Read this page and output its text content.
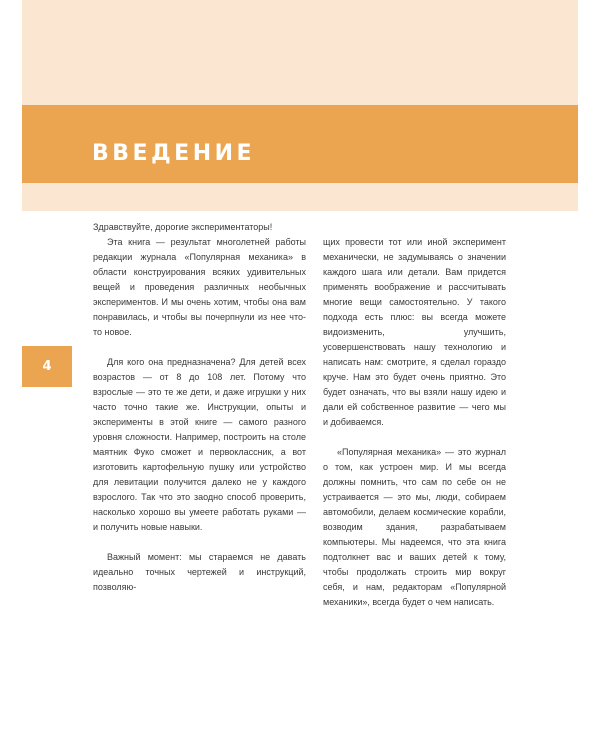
ВВЕДЕНИЕ
4

Здравствуйте, дорогие экспериментаторы!

Эта книга — результат многолетней работы редакции журнала «Популярная механика» в области конструирования всяких удивительных вещей и проведения различных необычных экспериментов. И мы очень хотим, чтобы она вам понравилась, и чтобы вы почерпнули из нее что-то новое.

Для кого она предназначена? Для детей всех возрастов — от 8 до 108 лет. Потому что взрослые — это те же дети, и даже игрушки у них часто точно такие же. Инструкции, опыты и эксперименты в этой книге — самого разного уровня сложности. Например, построить на столе маятник Фуко сможет и первоклассник, а вот изготовить картофельную пушку или устройство для левитации получится далеко не у каждого взрослого. Так что это заодно способ проверить, насколько хорошо вы умеете работать руками — и получить новые навыки.

Важный момент: мы стараемся не давать идеально точных чертежей и инструкций, позволяю-

щих провести тот или иной эксперимент механически, не задумываясь о значении каждого шага или детали. Вам придется применять воображение и рассчитывать многие вещи самостоятельно. У такого подхода есть плюс: вы всегда можете видоизменить, улучшить, усовершенствовать нашу технологию и написать нам: смотрите, я сделал гораздо круче. Нам это будет очень приятно. Это будет означать, что вы взяли нашу идею и дали ей собственное развитие — чего мы и добиваемся.

«Популярная механика» — это журнал о том, как устроен мир. И мы всегда должны помнить, что сам по себе он не устраивается — это мы, люди, собираем автомобили, делаем космические корабли, возводим здания, разрабатываем компьютеры. Мы надеемся, что эта книга подтолкнет вас и ваших детей к тому, чтобы продолжать строить мир вокруг себя, и нам, редакторам «Популярной механики», всегда будет о чем написать.
